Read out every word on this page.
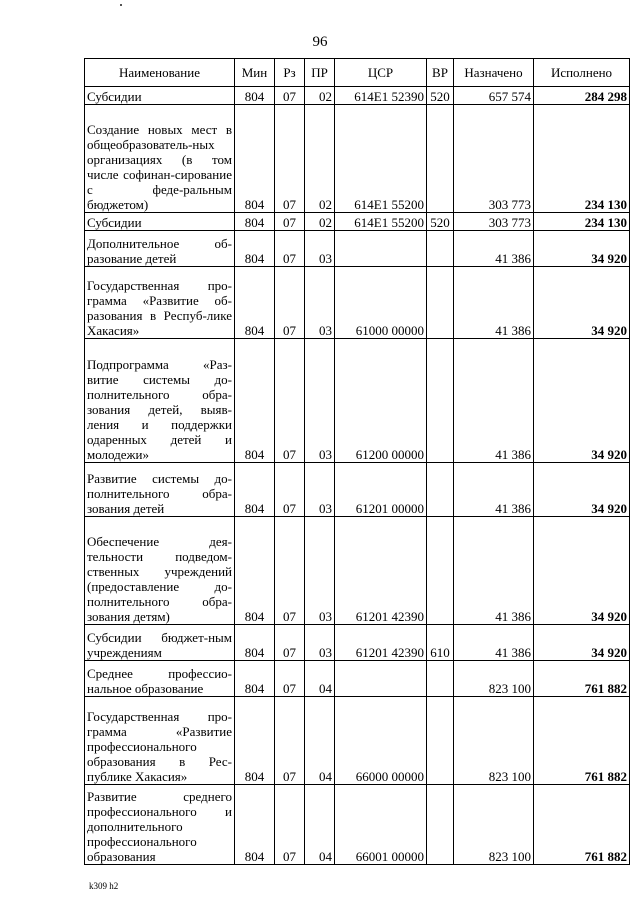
96
Наименование	Мин	Рз	ПР	ЦСР	ВР	Назначено	Исполнено
Субсидии	804	07	02	614Е1 52390	520	657 574	284 298
Создание новых мест в общеобразователь-ных организациях (в том числе софинан-сирование с феде-ральным бюджетом)	804	07	02	614Е1 55200		303 773	234 130
Субсидии	804	07	02	614Е1 55200	520	303 773	234 130
Дополнительное об-разование детей	804	07	03			41 386	34 920
Государственная про-грамма «Развитие об-разования в Респуб-лике Хакасия»	804	07	03	61000 00000		41 386	34 920
Подпрограмма «Раз-витие системы до-полнительного обра-зования детей, выяв-ления и поддержки одаренных детей и молодежи»	804	07	03	61200 00000		41 386	34 920
Развитие системы до-полнительного обра-зования детей	804	07	03	61201 00000		41 386	34 920
Обеспечение дея-тельности подведом-ственных учреждений (предоставление до-полнительного обра-зования детям)	804	07	03	61201 42390		41 386	34 920
Субсидии бюджет-ным учреждениям	804	07	03	61201 42390	610	41 386	34 920
Среднее профессио-нальное образование	804	07	04			823 100	761 882
Государственная про-грамма «Развитие профессионального образования в Рес-публике Хакасия»	804	07	04	66000 00000		823 100	761 882
Развитие среднего профессионального и дополнительного профессионального образования	804	07	04	66001 00000		823 100	761 882
k309 h2
